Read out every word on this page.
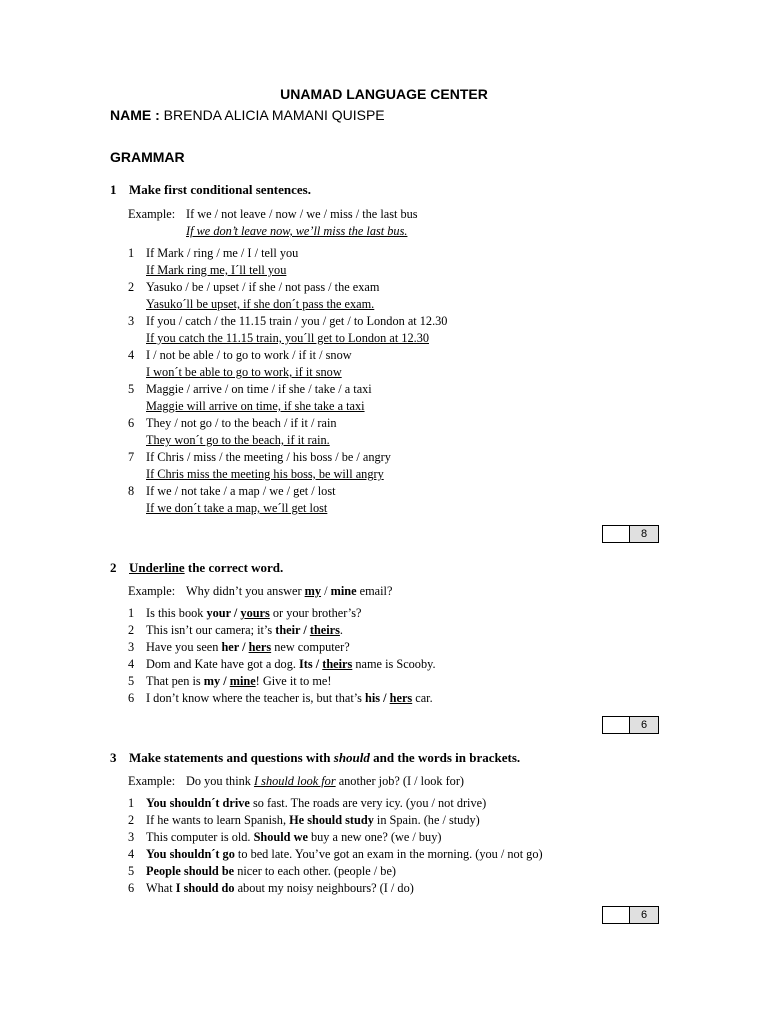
UNAMAD LANGUAGE CENTER
NAME : BRENDA ALICIA MAMANI QUISPE
GRAMMAR
1 Make first conditional sentences.
Example: If we / not leave / now / we / miss / the last bus
If we don’t leave now, we’ll miss the last bus.
1 If Mark / ring / me / I / tell you
If Mark ring me, I´ll tell you
2 Yasuko / be / upset / if she / not pass / the exam
Yasuko´ll be upset, if she don´t pass the exam.
3 If you / catch / the 11.15 train / you / get / to London at 12.30
If you catch the 11.15 train, you´ll get to London at 12.30
4 I / not be able / to go to work / if it / snow
I won´t be able to go to work, if it snow
5 Maggie / arrive / on time / if she / take / a taxi
Maggie will arrive on time, if she take a taxi
6 They / not go / to the beach / if it / rain
They won´t go to the beach, if it rain.
7 If Chris / miss / the meeting / his boss / be / angry
If Chris miss the meeting his boss, be will angry
8 If we / not take / a map / we / get / lost
If we don´t take a map, we´ll get lost
8
2 Underline the correct word.
Example: Why didn’t you answer my / mine email?
1 Is this book your / yours or your brother’s?
2 This isn’t our camera; it’s their / theirs.
3 Have you seen her / hers new computer?
4 Dom and Kate have got a dog. Its / theirs name is Scooby.
5 That pen is my / mine! Give it to me!
6 I don’t know where the teacher is, but that’s his / hers car.
6
3 Make statements and questions with should and the words in brackets.
Example: Do you think I should look for another job? (I / look for)
1 You shouldn´t drive so fast. The roads are very icy. (you / not drive)
2 If he wants to learn Spanish, He should study in Spain. (he / study)
3 This computer is old. Should we buy a new one? (we / buy)
4 You shouldn´t go to bed late. You’ve got an exam in the morning. (you / not go)
5 People should be nicer to each other. (people / be)
6 What I should do about my noisy neighbours? (I / do)
6
